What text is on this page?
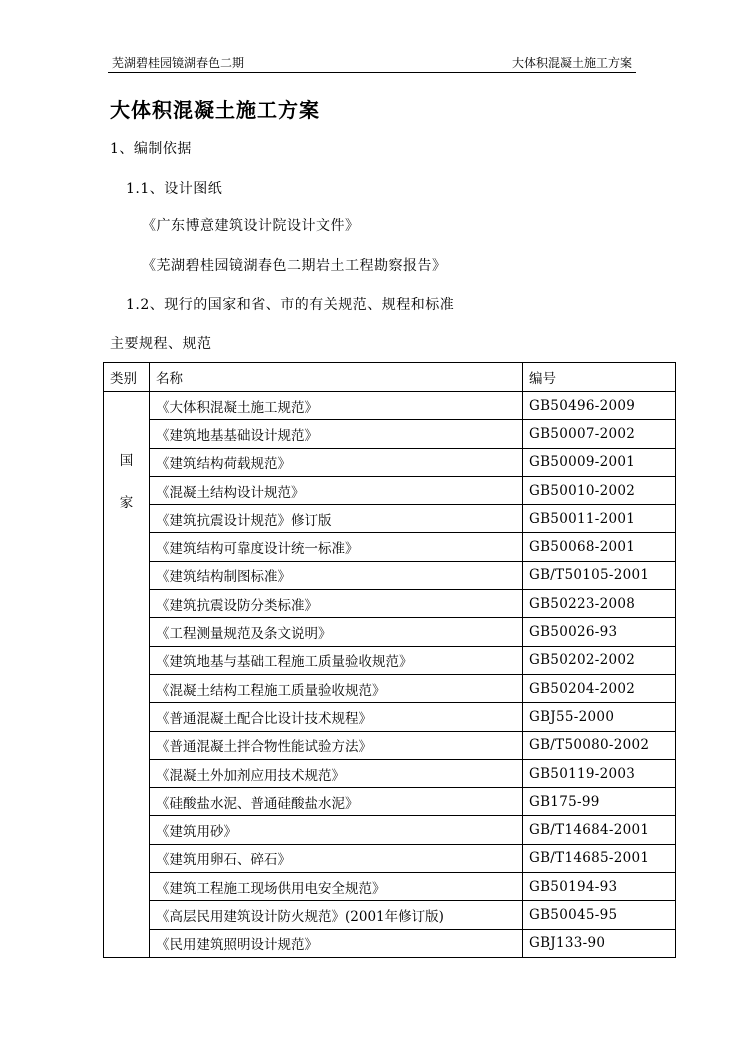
芜湖碧桂园镜湖春色二期	大体积混凝土施工方案
大体积混凝土施工方案
1、编制依据
1.1、设计图纸
《广东博意建筑设计院设计文件》
《芜湖碧桂园镜湖春色二期岩土工程勘察报告》
1.2、现行的国家和省、市的有关规范、规程和标准
主要规程、规范
类别	名称	编号

国
家	《大体积混凝土施工规范》	GB50496-2009
	《建筑地基基础设计规范》	GB50007-2002
	《建筑结构荷载规范》	GB50009-2001
	《混凝土结构设计规范》	GB50010-2002
	《建筑抗震设计规范》修订版	GB50011-2001
	《建筑结构可靠度设计统一标准》	GB50068-2001
	《建筑结构制图标准》	GB/T50105-2001
	《建筑抗震设防分类标准》	GB50223-2008
	《工程测量规范及条文说明》	GB50026-93
	《建筑地基与基础工程施工质量验收规范》	GB50202-2002
	《混凝土结构工程施工质量验收规范》	GB50204-2002
	《普通混凝土配合比设计技术规程》	GBJ55-2000
	《普通混凝土拌合物性能试验方法》	GB/T50080-2002
	《混凝土外加剂应用技术规范》	GB50119-2003
	《硅酸盐水泥、普通硅酸盐水泥》	GB175-99
	《建筑用砂》	GB/T14684-2001
	《建筑用卵石、碎石》	GB/T14685-2001
	《建筑工程施工现场供用电安全规范》	GB50194-93
	《高层民用建筑设计防火规范》(2001年修订版)	GB50045-95
	《民用建筑照明设计规范》	GBJ133-90
